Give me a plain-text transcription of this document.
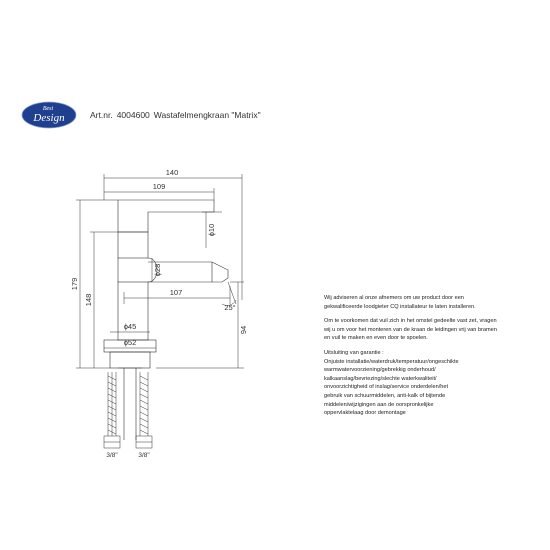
Best
Design	Art.nr. 4004600 Wastafelmengkraan "Matrix"
140
109
ϕ10
ϕ28
107
25°
ϕ45
ϕ52
179
148
94
3/8"	3/8"

Wij adviseren al onze afnemers om uw product door een gekwalificeerde loodgieter CQ installateur te laten installeren.

Om te voorkomen dat vuil zich in het omstel gedeelte vast zet, vragen wij u om voor het monteren van de kraan de leidingen vrij van bramen en vuil te maken en even door te spoelen.

Uitsluiting van garantie :
Onjuiste installatie/waterdruk/temperatuur/ongeschikte
warmwatervoorziening/gebrekkig onderhoud/
kalkaanslag/bevriezing/slechte waterkwaliteit/
onvoorzichtigheid of inslag/service onderdelen/het
gebruik van schuurmiddelen, anti-kalk of bijtende
middelen/wijzigingen aan de oorspronkelijke
oppervlaktelaag door demontage
